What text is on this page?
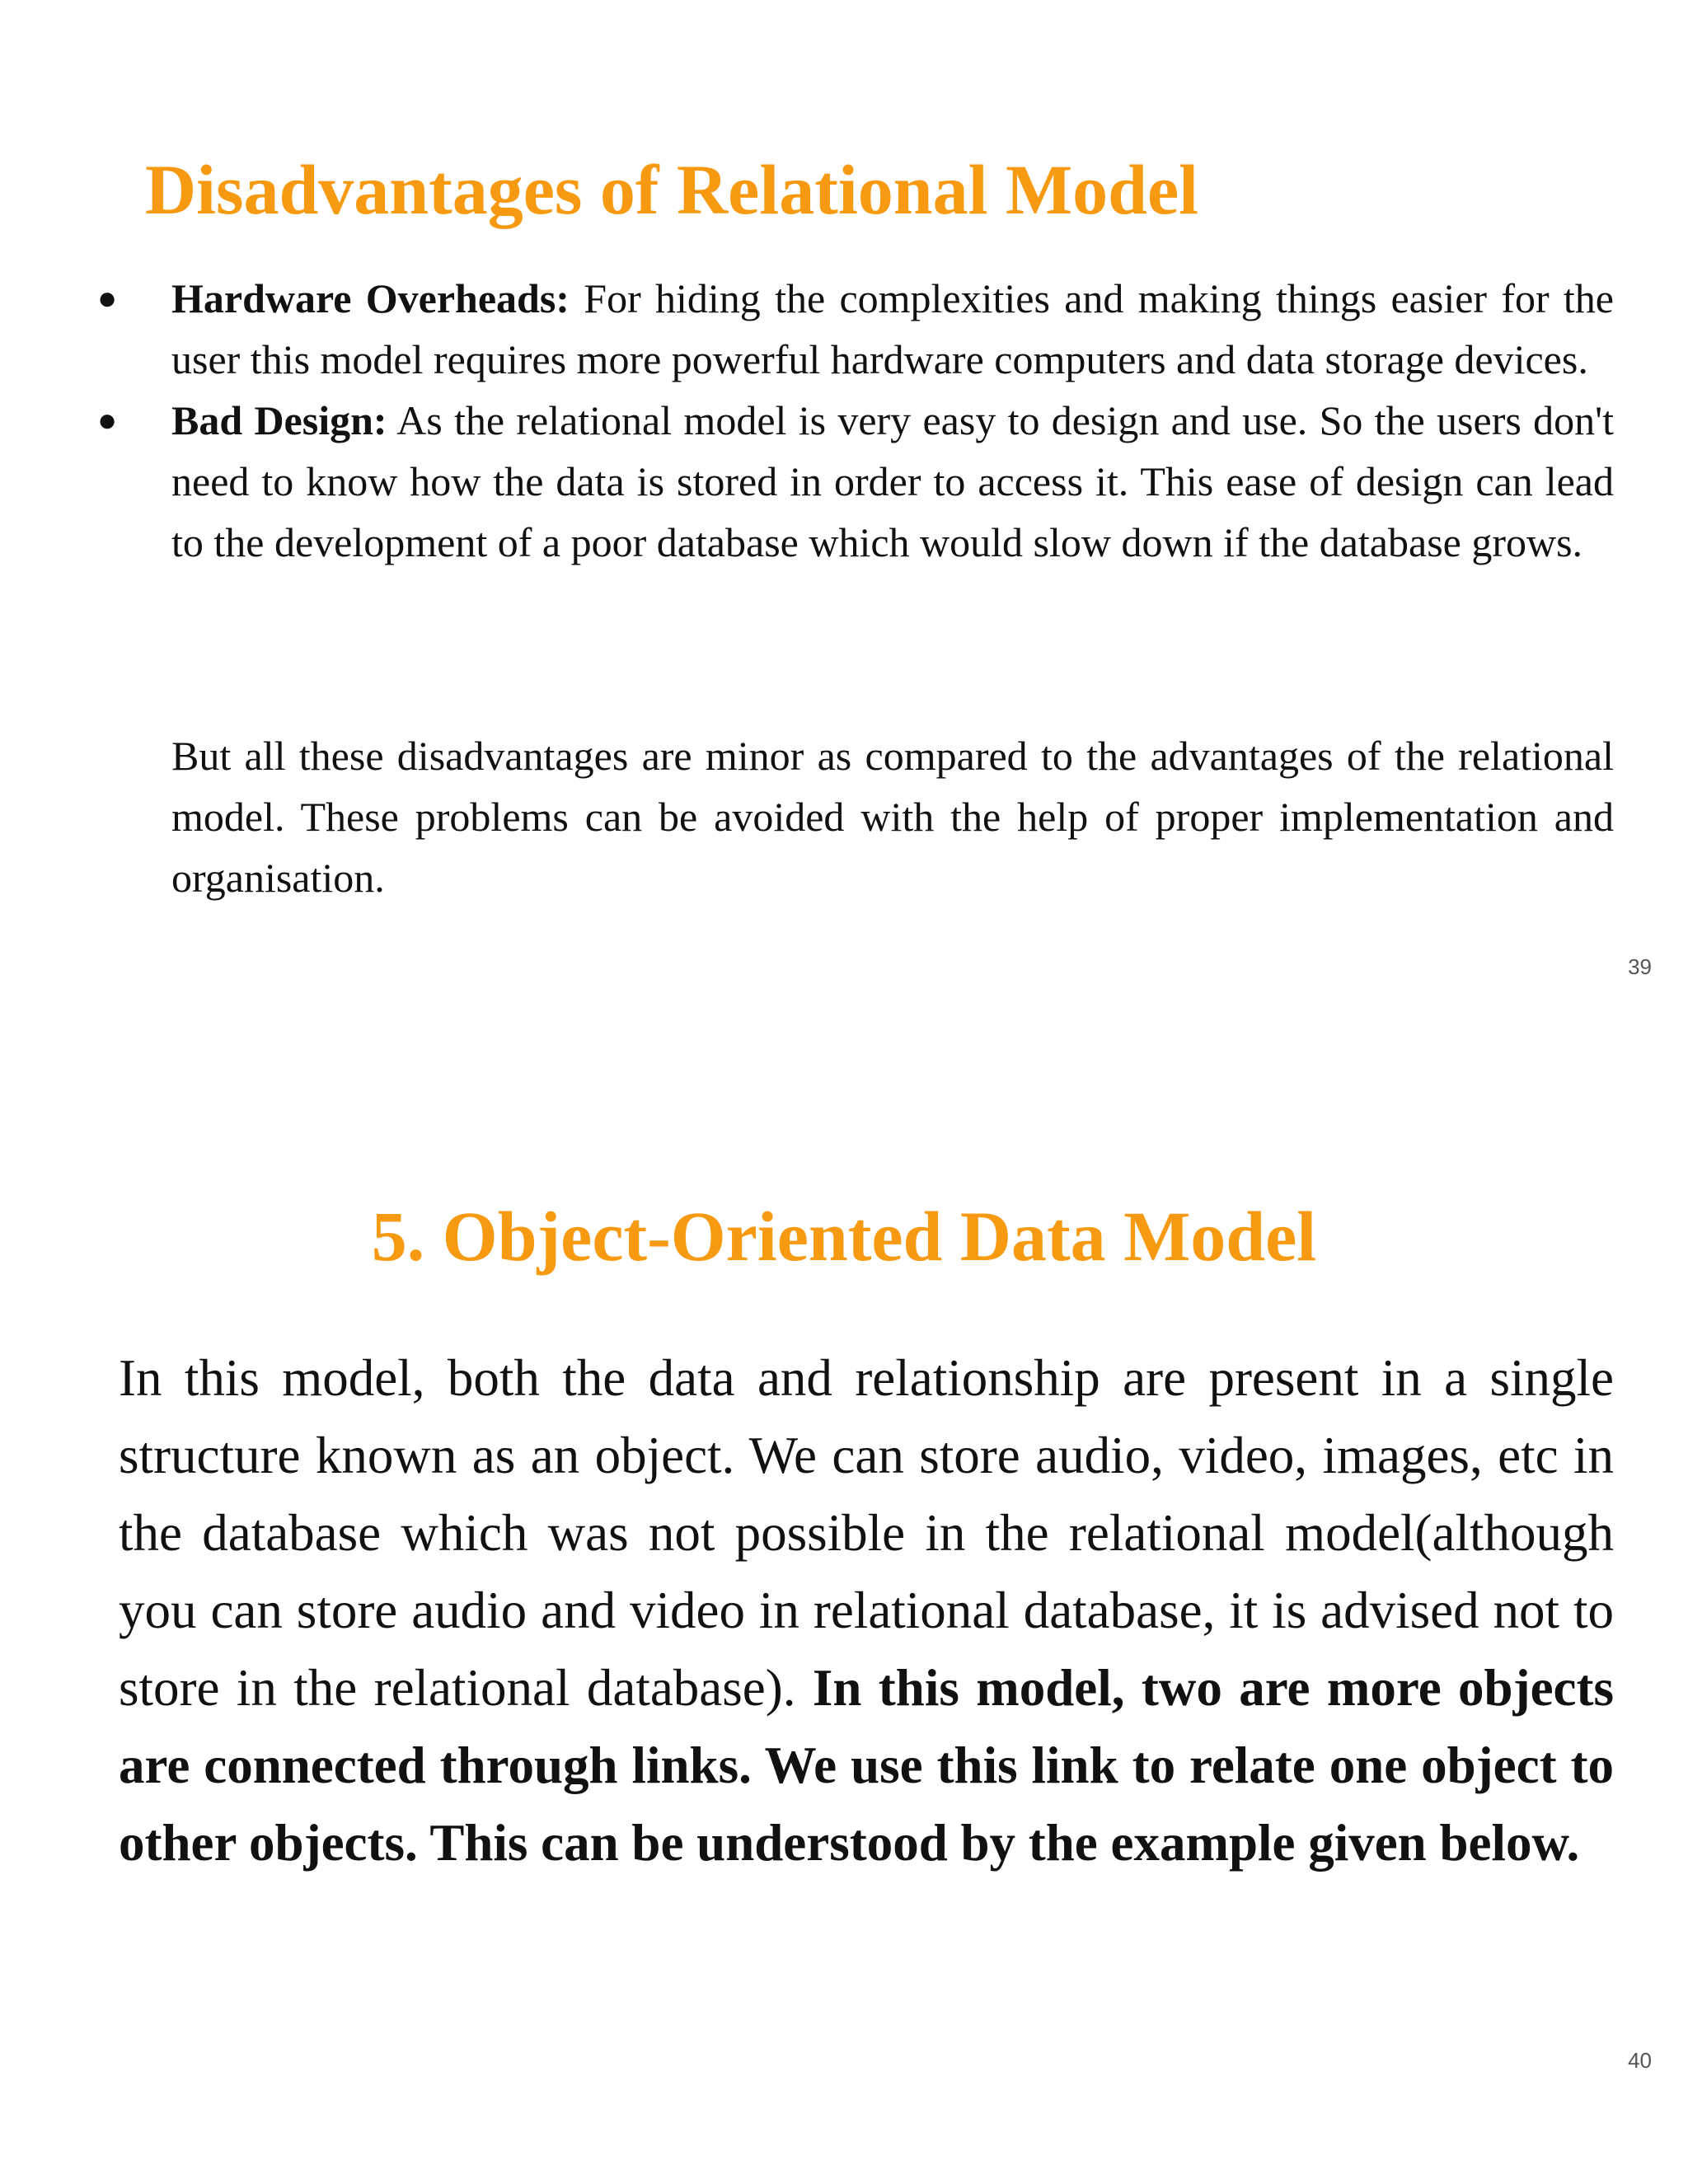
Disadvantages of Relational Model
● Hardware Overheads: For hiding the complexities and making things easier for the user this model requires more powerful hardware computers and data storage devices.
● Bad Design: As the relational model is very easy to design and use. So the users don't need to know how the data is stored in order to access it. This ease of design can lead to the development of a poor database which would slow down if the database grows.

But all these disadvantages are minor as compared to the advantages of the relational model. These problems can be avoided with the help of proper implementation and organisation.

39
5. Object-Oriented Data Model

In this model, both the data and relationship are present in a single structure known as an object. We can store audio, video, images, etc in the database which was not possible in the relational model(although you can store audio and video in relational database, it is advised not to store in the relational database). In this model, two are more objects are connected through links. We use this link to relate one object to other objects. This can be understood by the example given below.

40
